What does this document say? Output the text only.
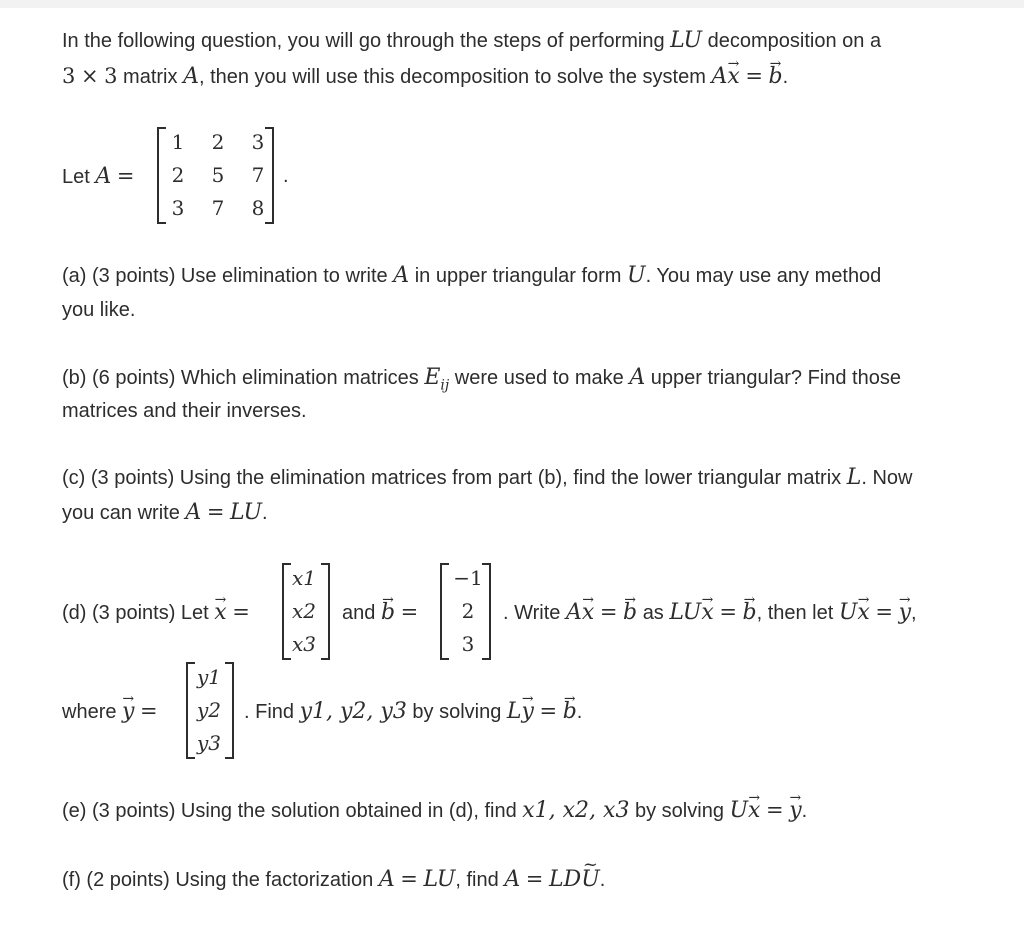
In the following question, you will go through the steps of performing LU decomposition on a
3 × 3 matrix A, then you will use this decomposition to solve the system A→ x = → b.
Let A =
1	2	3
2	5	7
3	7	8
.
(a) (3 points) Use elimination to write A in upper triangular form U. You may use any method
you like.
(b) (6 points) Which elimination matrices $E_{ij}$ were used to make A upper triangular? Find those
matrices and their inverses.
(c) (3 points) Using the elimination matrices from part (b), find the lower triangular matrix L. Now
you can write A = LU.
(d) (3 points) Let → x =
x1
x2
x3
and → b =
−1
2
3
. Write A→ x = → b as LU→ x = → b, then let U→ x = → y,
where → y =
y1
y2
y3
. Find y1, y2, y3 by solving L→ y = → b.
(e) (3 points) Using the solution obtained in (d), find x1, x2, x3 by solving U→ x = → y.
(f) (2 points) Using the factorization A = LU, find A = LD~ U.
